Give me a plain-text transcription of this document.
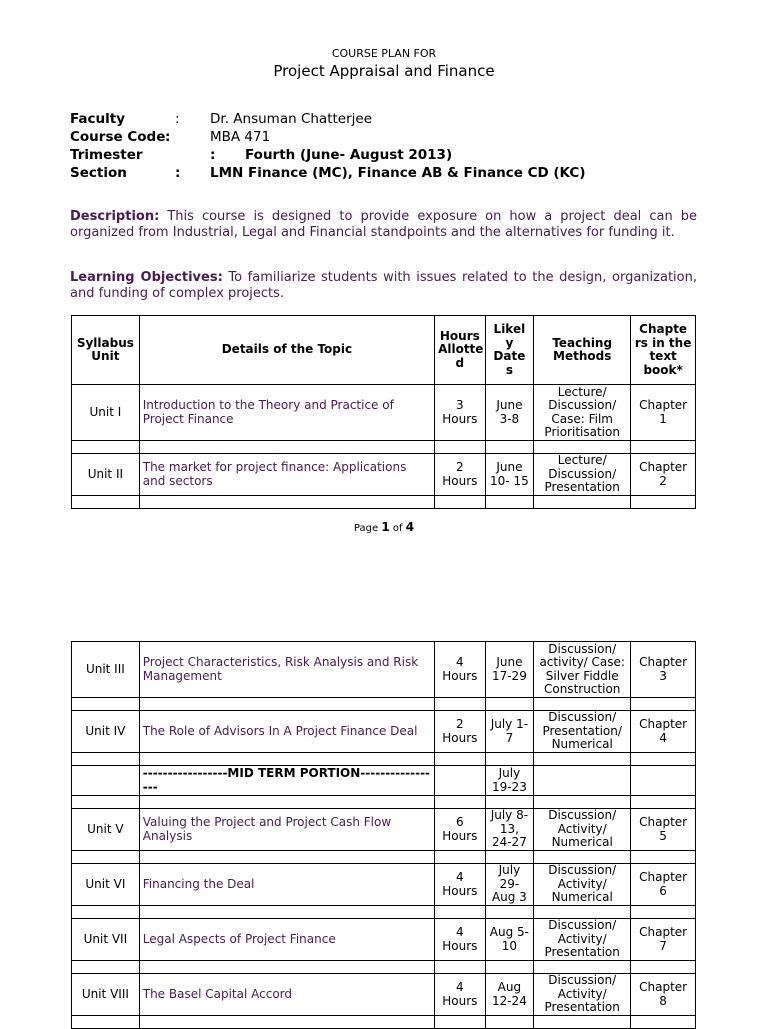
COURSE PLAN FOR
Project Appraisal and Finance
Faculty	: Dr. Ansuman Chatterjee
Course Code :	MBA 471
Trimester	: Fourth (June- August 2013)
Section	: LMN Finance (MC), Finance AB & Finance CD (KC)
Description: This course is designed to provide exposure on how a project deal can be organized from Industrial, Legal and Financial standpoints and the alternatives for funding it.
Learning Objectives: To familiarize students with issues related to the design, organization, and funding of complex projects.
Syllabus Unit	Details of the Topic	Hours Allotte d	Likel y Date s	Teaching Methods	Chapte rs in the text book*
Unit I	Introduction to the Theory and Practice of Project Finance	3 Hours	June 3-8	Lecture/ Discussion/ Case: Film Prioritisation	Chapter 1

Unit II	The market for project finance: Applications and sectors	2 Hours	June 10- 15	Lecture/ Discussion/ Presentation	Chapter 2

Page 1 of 4
Unit III	Project Characteristics, Risk Analysis and Risk Management	4 Hours	June 17-29	Discussion/ activity/ Case: Silver Fiddle Construction	Chapter 3

Unit IV	The Role of Advisors In A Project Finance Deal	2 Hours	July 1- 7	Discussion/ Presentation/ Numerical	Chapter 4

	-----------------MID TERM PORTION-----------------		July 19-23		

Unit V	Valuing the Project and Project Cash Flow Analysis	6 Hours	July 8- 13, 24-27	Discussion/ Activity/ Numerical	Chapter 5

Unit VI	Financing the Deal	4 Hours	July 29- Aug 3	Discussion/ Activity/ Numerical	Chapter 6

Unit VII	Legal Aspects of Project Finance	4 Hours	Aug 5- 10	Discussion/ Activity/ Presentation	Chapter 7

Unit VIII	The Basel Capital Accord	4 Hours	Aug 12-24	Discussion/ Activity/ Presentation	Chapter 8
